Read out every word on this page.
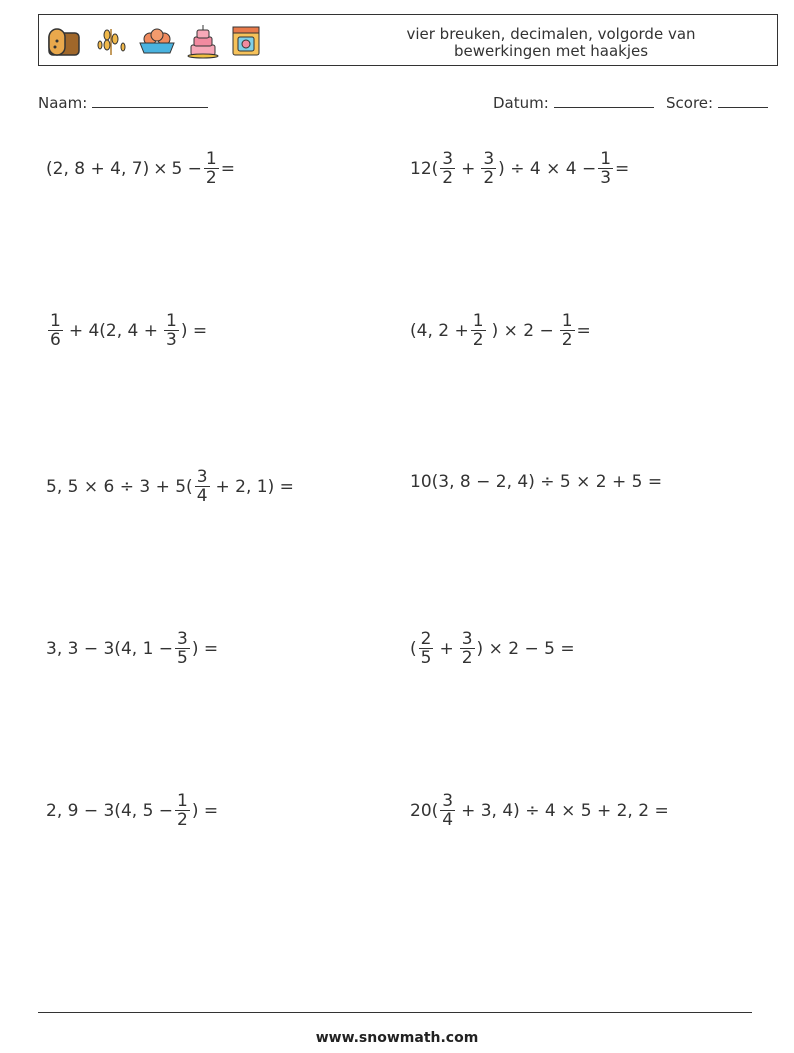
vier breuken, decimalen, volgorde van
bewerkingen met haakjes
Naam:	Datum:	Score:
(2, 8 + 4, $7) \times 5 - \frac{1}{2}$ =	$12( \frac{3}{2} + \frac{3}{2}$ ) ÷ $4 \times 4 - \frac{1}{3}$ =
$\frac{1}{6} + 4(2$, $4 + \frac{1}{3}$ ) =	(4, $2 + \frac{1}{2}$ ) × $2 - \frac{1}{2}$ =
5, $5 \times 6 \div 3 + 5( \frac{3}{4} + 2$, 1) =	10(3, 8 − 2, 4) ÷ 5 × 2 + 5 =
3, 3 − 3(4, $1 - \frac{3}{5}$ ) =	( $\frac{2}{5} + \frac{3}{2}$ ) × 2 − 5 =
2, 9 − 3(4, $5 - \frac{1}{2}$ ) =	$20( \frac{3}{4} + 3$, 4) ÷ 4 × 5 + 2, 2 =
www.snowmath.com
